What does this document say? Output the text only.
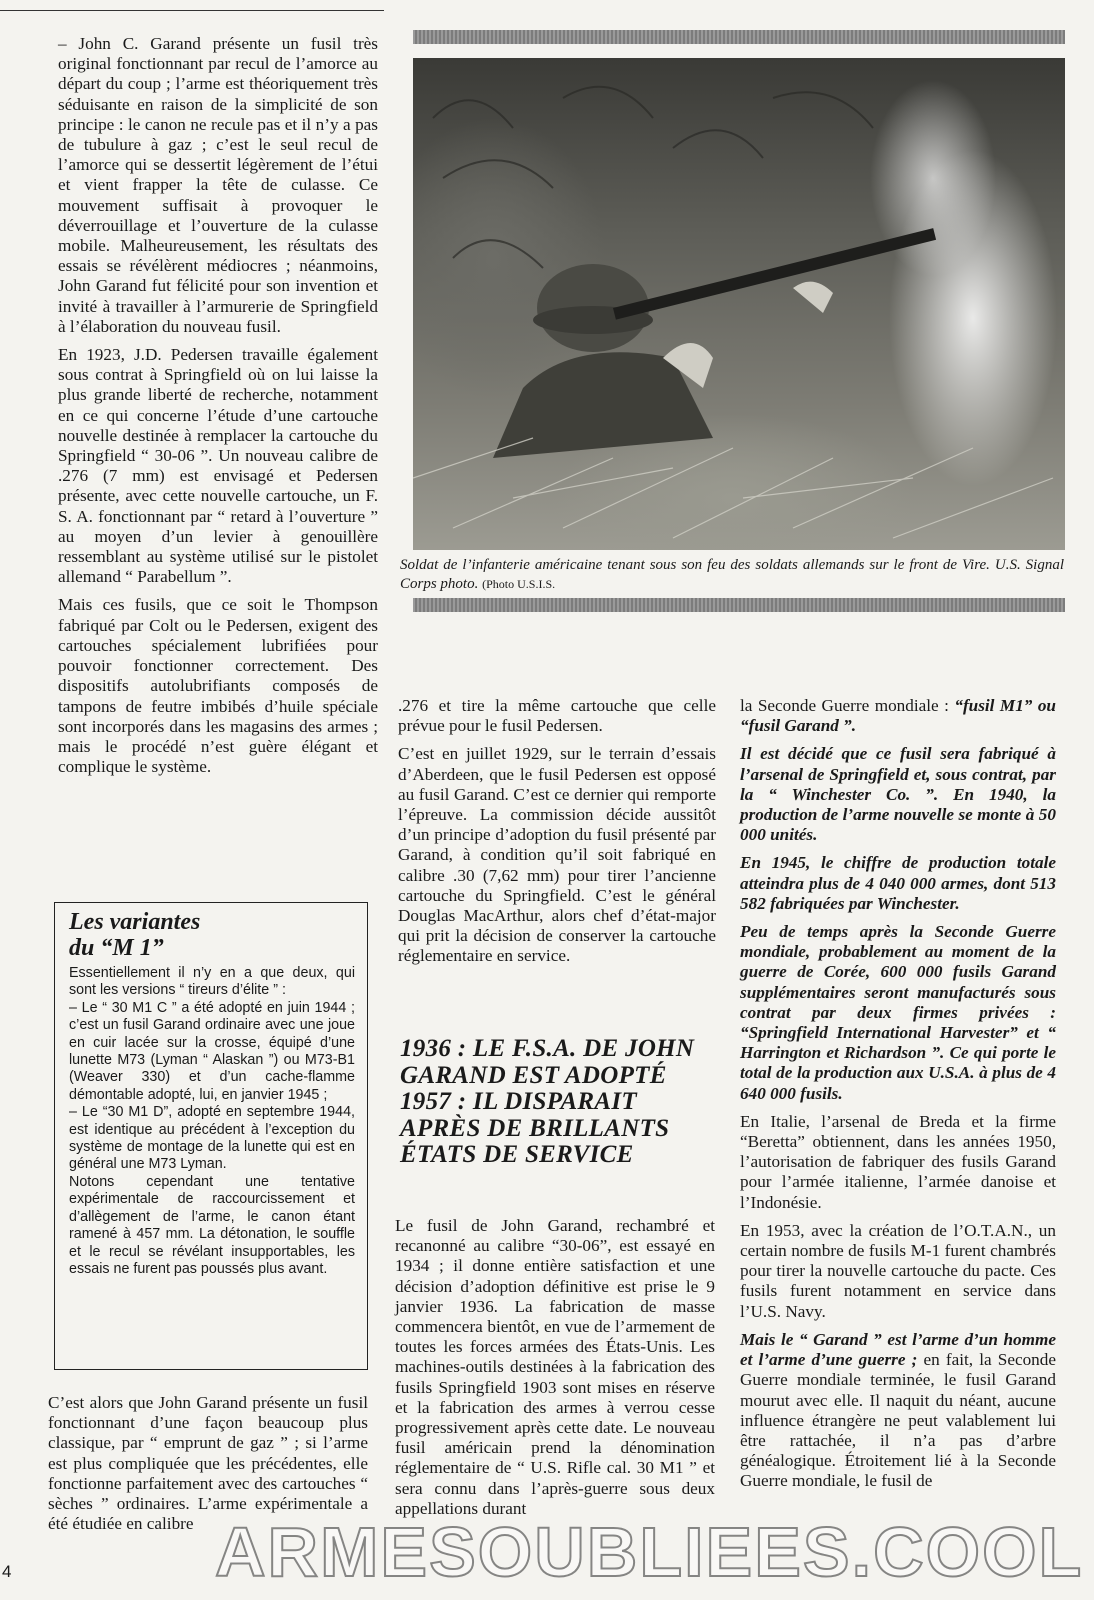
– John C. Garand présente un fusil très original fonctionnant par recul de l’amorce au départ du coup ; l’arme est théoriquement très séduisante en raison de la simplicité de son principe : le canon ne recule pas et il n’y a pas de tubulure à gaz ; c’est le seul recul de l’amorce qui se dessertit légèrement de l’étui et vient frapper la tête de culasse. Ce mouvement suffisait à provoquer le déverrouillage et l’ouverture de la culasse mobile. Malheureusement, les résultats des essais se révélèrent médiocres ; néanmoins, John Garand fut félicité pour son invention et invité à travailler à l’armurerie de Springfield à l’élaboration du nouveau fusil.

En 1923, J.D. Pedersen travaille également sous contrat à Springfield où on lui laisse la plus grande liberté de recherche, notamment en ce qui concerne l’étude d’une cartouche nouvelle destinée à remplacer la cartouche du Springfield “ 30-06 ”. Un nouveau calibre de .276 (7 mm) est envisagé et Pedersen présente, avec cette nouvelle cartouche, un F. S. A. fonctionnant par “ retard à l’ouverture ” au moyen d’un levier à genouillère ressemblant au système utilisé sur le pistolet allemand “ Parabellum ”.

Mais ces fusils, que ce soit le Thompson fabriqué par Colt ou le Pedersen, exigent des cartouches spécialement lubrifiées pour pouvoir fonctionner correctement. Des dispositifs autolubrifiants composés de tampons de feutre imbibés d’huile spéciale sont incorporés dans les magasins des armes ; mais le procédé n’est guère élégant et complique le système.

Les variantes
du “M 1”

Essentiellement il n’y en a que deux, qui sont les versions “ tireurs d’élite ” :

– Le “ 30 M1 C ” a été adopté en juin 1944 ; c’est un fusil Garand ordinaire avec une joue en cuir lacée sur la crosse, équipé d’une lunette M73 (Lyman “ Alaskan ”) ou M73-B1 (Weaver 330) et d’un cache-flamme démontable adopté, lui, en janvier 1945 ;

– Le “30 M1 D”, adopté en septembre 1944, est identique au précédent à l’exception du système de montage de la lunette qui est en général une M73 Lyman.

Notons cependant une tentative expérimentale de raccourcissement et d’allègement de l’arme, le canon étant ramené à 457 mm. La détonation, le souffle et le recul se révélant insupportables, les essais ne furent pas poussés plus avant.

C’est alors que John Garand présente un fusil fonctionnant d’une façon beaucoup plus classique, par “ emprunt de gaz ” ; si l’arme est plus compliquée que les précédentes, elle fonctionne parfaitement avec des cartouches “ sèches ” ordinaires. L’arme expérimentale a été étudiée en calibre

Soldat de l’infanterie américaine tenant sous son feu des soldats allemands sur le front de Vire. U.S. Signal Corps photo. (Photo U.S.I.S.

.276 et tire la même cartouche que celle prévue pour le fusil Pedersen.

C’est en juillet 1929, sur le terrain d’essais d’Aberdeen, que le fusil Pedersen est opposé au fusil Garand. C’est ce dernier qui remporte l’épreuve. La commission décide aussitôt d’un principe d’adoption du fusil présenté par Garand, à condition qu’il soit fabriqué en calibre .30 (7,62 mm) pour tirer l’ancienne cartouche du Springfield. C’est le général Douglas MacArthur, alors chef d’état-major qui prit la décision de conserver la cartouche réglementaire en service.

1936 : LE F.S.A. DE JOHN GARAND EST ADOPTÉ 1957 : IL DISPARAIT APRÈS DE BRILLANTS ÉTATS DE SERVICE

Le fusil de John Garand, rechambré et recanonné au calibre “30-06”, est essayé en 1934 ; il donne entière satisfaction et une décision d’adoption définitive est prise le 9 janvier 1936. La fabrication de masse commencera bientôt, en vue de l’armement de toutes les forces armées des États-Unis. Les machines-outils destinées à la fabrication des fusils Springfield 1903 sont mises en réserve et la fabrication des armes à verrou cesse progressivement après cette date. Le nouveau fusil américain prend la dénomination réglementaire de “ U.S. Rifle cal. 30 M1 ” et sera connu dans l’après-guerre sous deux appellations durant

la Seconde Guerre mondiale : “fusil M1” ou “fusil Garand ”.

Il est décidé que ce fusil sera fabriqué à l’arsenal de Springfield et, sous contrat, par la “ Winchester Co. ”. En 1940, la production de l’arme nouvelle se monte à 50 000 unités.

En 1945, le chiffre de production totale atteindra plus de 4 040 000 armes, dont 513 582 fabriquées par Winchester.

Peu de temps après la Seconde Guerre mondiale, probablement au moment de la guerre de Corée, 600 000 fusils Garand supplémentaires seront manufacturés sous contrat par deux firmes privées : “Springfield International Harvester” et “ Harrington et Richardson ”. Ce qui porte le total de la production aux U.S.A. à plus de 4 640 000 fusils.

En Italie, l’arsenal de Breda et la firme “Beretta” obtiennent, dans les années 1950, l’autorisation de fabriquer des fusils Garand pour l’armée italienne, l’armée danoise et l’Indonésie.

En 1953, avec la création de l’O.T.A.N., un certain nombre de fusils M-1 furent chambrés pour tirer la nouvelle cartouche du pacte. Ces fusils furent notamment en service dans l’U.S. Navy.

Mais le “ Garand ” est l’arme d’un homme et l’arme d’une guerre ; en fait, la Seconde Guerre mondiale terminée, le fusil Garand mourut avec elle. Il naquit du néant, aucune influence étrangère ne peut valablement lui être rattachée, il n’a pas d’arbre généalogique. Étroitement lié à la Seconde Guerre mondiale, le fusil de

ARMESOUBLIEES.COOL
4
